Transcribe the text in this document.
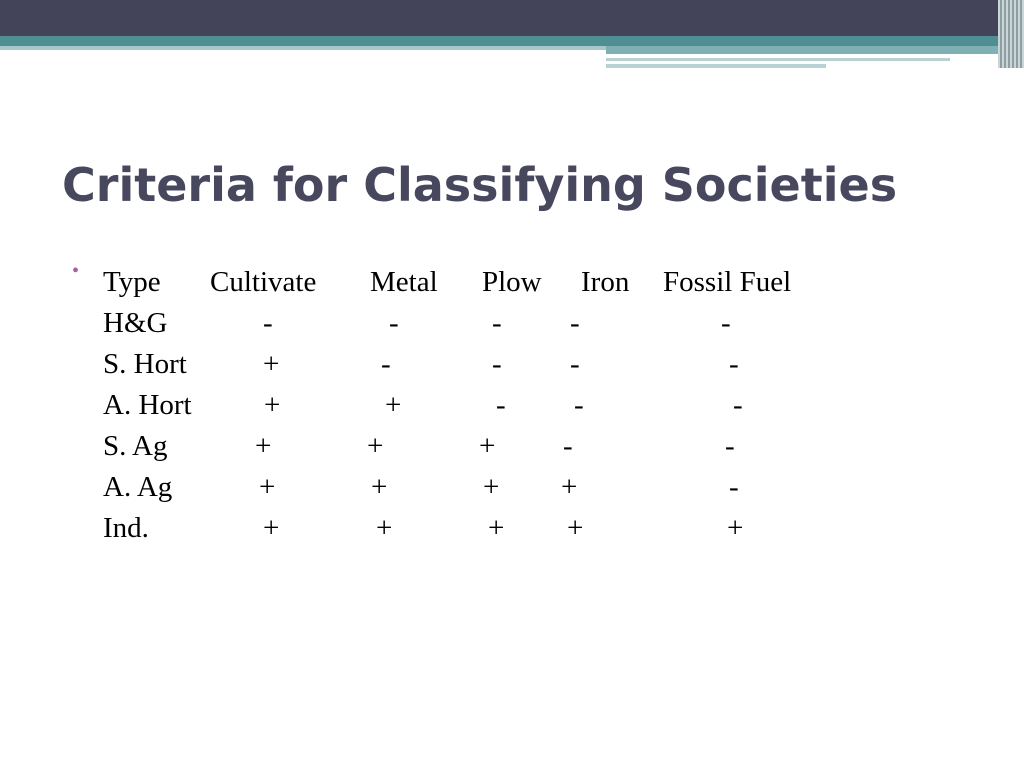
Criteria for Classifying Societies
• Type Cultivate Metal Plow Iron Fossil Fuel
H&G	-	-	- -	-
S. Hort	+	-	- -	-
A. Hort +	+	- -	-
S. Ag	+	+	+ -	-
A. Ag	+	+	+ +	-
Ind.	+	+	+ +	+
